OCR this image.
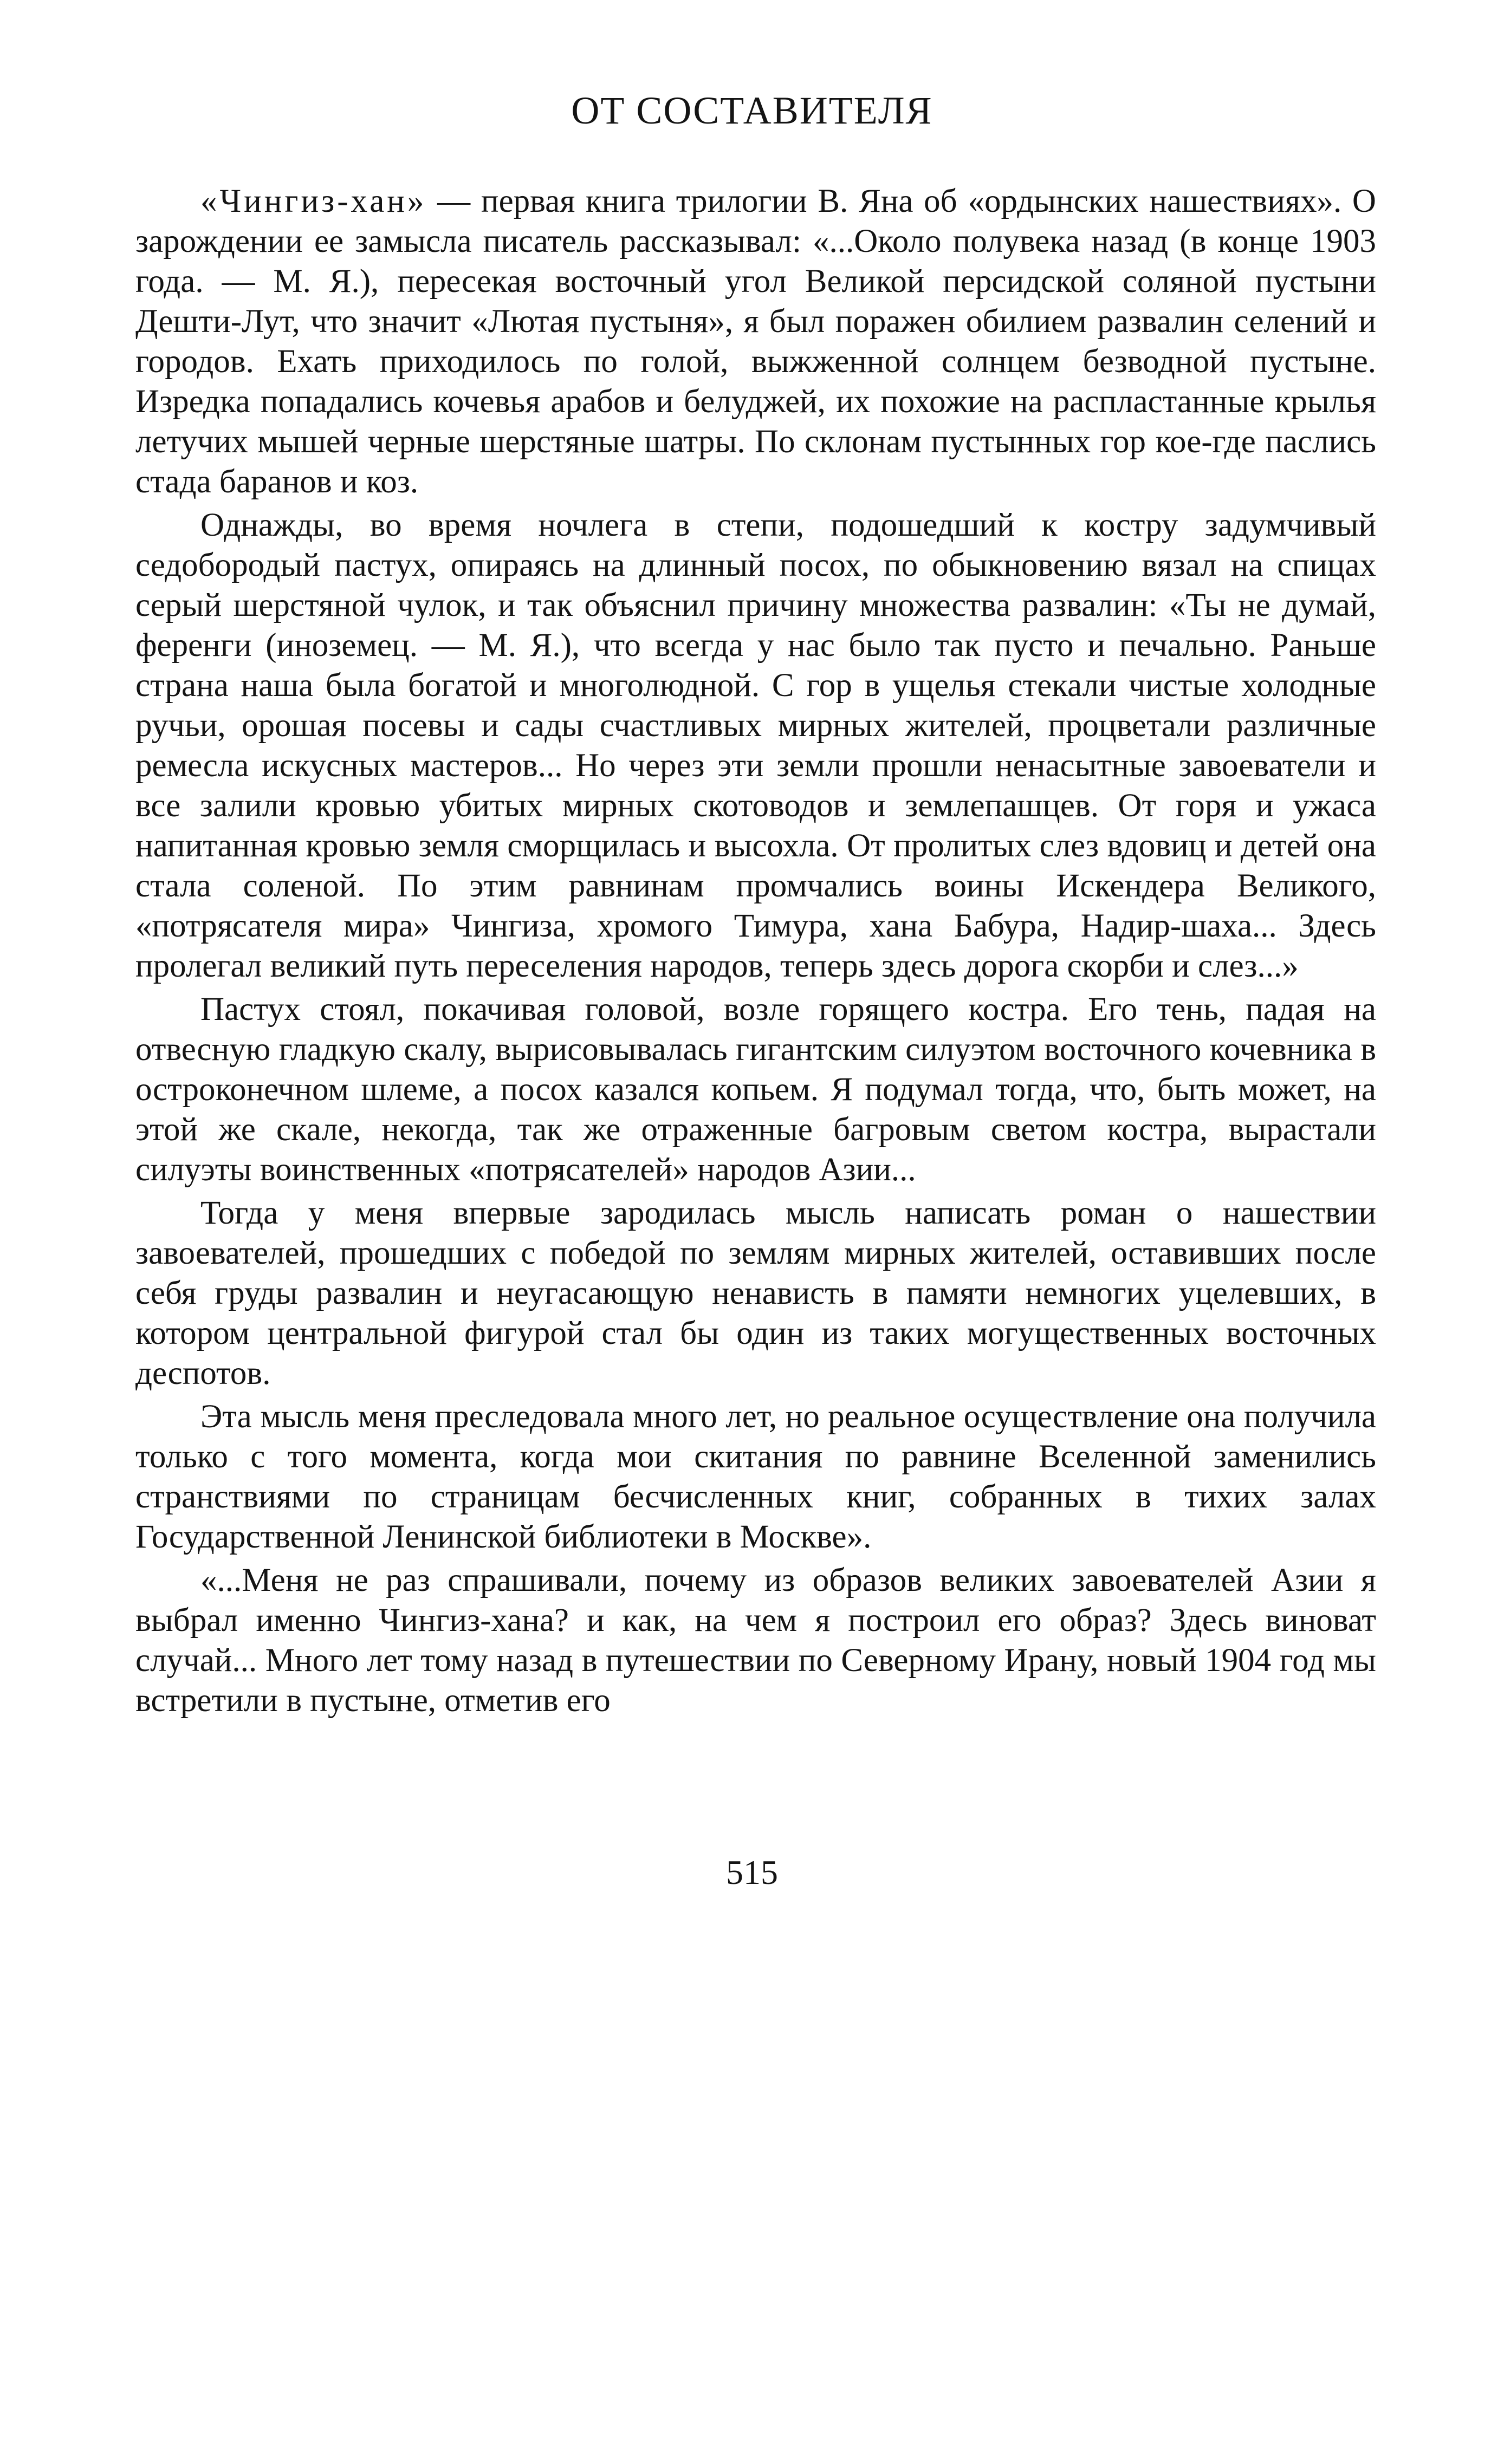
ОТ СОСТАВИТЕЛЯ

«Чингиз-хан» — первая книга трилогии В. Яна об «ордынских нашествиях». О зарождении ее замысла писатель рассказывал: «...Около полувека назад (в конце 1903 года. — М. Я.), пересекая восточный угол Великой персидской соляной пустыни Дешти-Лут, что значит «Лютая пустыня», я был поражен обилием развалин селений и городов. Ехать приходилось по голой, выжженной солнцем безводной пустыне. Изредка попадались кочевья арабов и белуджей, их похожие на распластанные крылья летучих мышей черные шерстяные шатры. По склонам пустынных гор кое-где паслись стада баранов и коз.

Однажды, во время ночлега в степи, подошедший к костру задумчивый седобородый пастух, опираясь на длинный посох, по обыкновению вязал на спицах серый шерстяной чулок, и так объяснил причину множества развалин: «Ты не думай, ференги (иноземец. — М. Я.), что всегда у нас было так пусто и печально. Раньше страна наша была богатой и многолюдной. С гор в ущелья стекали чистые холодные ручьи, орошая посевы и сады счастливых мирных жителей, процветали различные ремесла искусных мастеров... Но через эти земли прошли ненасытные завоеватели и все залили кровью убитых мирных скотоводов и землепашцев. От горя и ужаса напитанная кровью земля сморщилась и высохла. От пролитых слез вдовиц и детей она стала соленой. По этим равнинам промчались воины Искендера Великого, «потрясателя мира» Чингиза, хромого Тимура, хана Бабура, Надир-шаха... Здесь пролегал великий путь переселения народов, теперь здесь дорога скорби и слез...»

Пастух стоял, покачивая головой, возле горящего костра. Его тень, падая на отвесную гладкую скалу, вырисовывалась гигантским силуэтом восточного кочевника в остроконечном шлеме, а посох казался копьем. Я подумал тогда, что, быть может, на этой же скале, некогда, так же отраженные багровым светом костра, вырастали силуэты воинственных «потрясателей» народов Азии...

Тогда у меня впервые зародилась мысль написать роман о нашествии завоевателей, прошедших с победой по землям мирных жителей, оставивших после себя груды развалин и неугасающую ненависть в памяти немногих уцелевших, в котором центральной фигурой стал бы один из таких могущественных восточных деспотов.

Эта мысль меня преследовала много лет, но реальное осуществление она получила только с того момента, когда мои скитания по равнине Вселенной заменились странствиями по страницам бесчисленных книг, собранных в тихих залах Государственной Ленинской библиотеки в Москве».

«...Меня не раз спрашивали, почему из образов великих завоевателей Азии я выбрал именно Чингиз-хана? и как, на чем я построил его образ? Здесь виноват случай... Много лет тому назад в путешествии по Северному Ирану, новый 1904 год мы встретили в пустыне, отметив его

515
